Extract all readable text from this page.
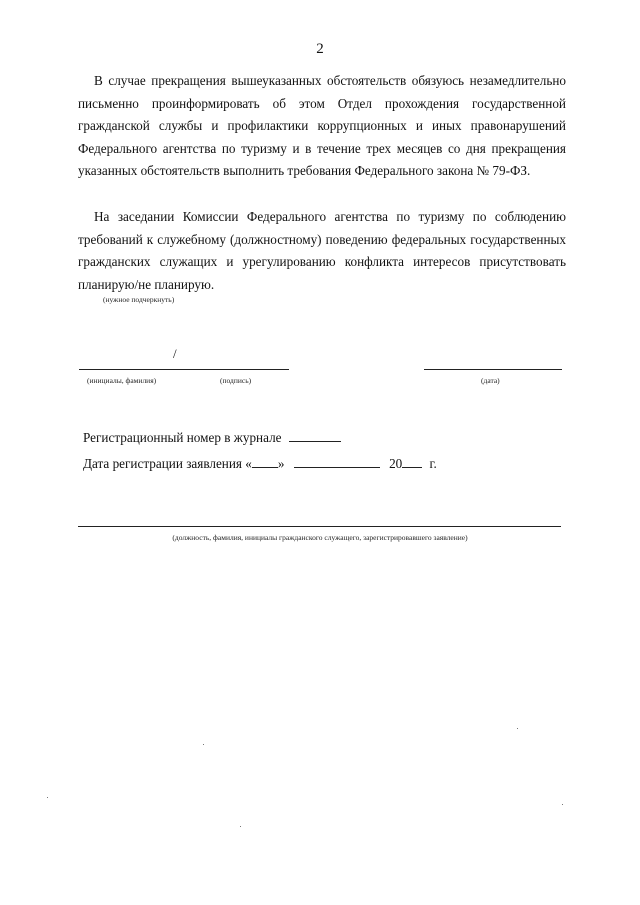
2

В случае прекращения вышеуказанных обстоятельств обязуюсь незамедлительно письменно проинформировать об этом Отдел прохождения государственной гражданской службы и профилактики коррупционных и иных правонарушений Федерального агентства по туризму и в течение трех месяцев со дня прекращения указанных обстоятельств выполнить требования Федерального закона № 79-ФЗ.

На заседании Комиссии Федерального агентства по туризму по соблюдению требований к служебному (должностному) поведению федеральных государственных гражданских служащих и урегулированию конфликта интересов присутствовать планирую/не планирую.

(нужное подчеркнуть)
/
(инициалы, фамилия)	(подпись)	(дата)
Регистрационный номер в журнале
Дата регистрации заявления « »	20 г.
(должность, фамилия, инициалы гражданского служащего, зарегистрировавшего заявление)
